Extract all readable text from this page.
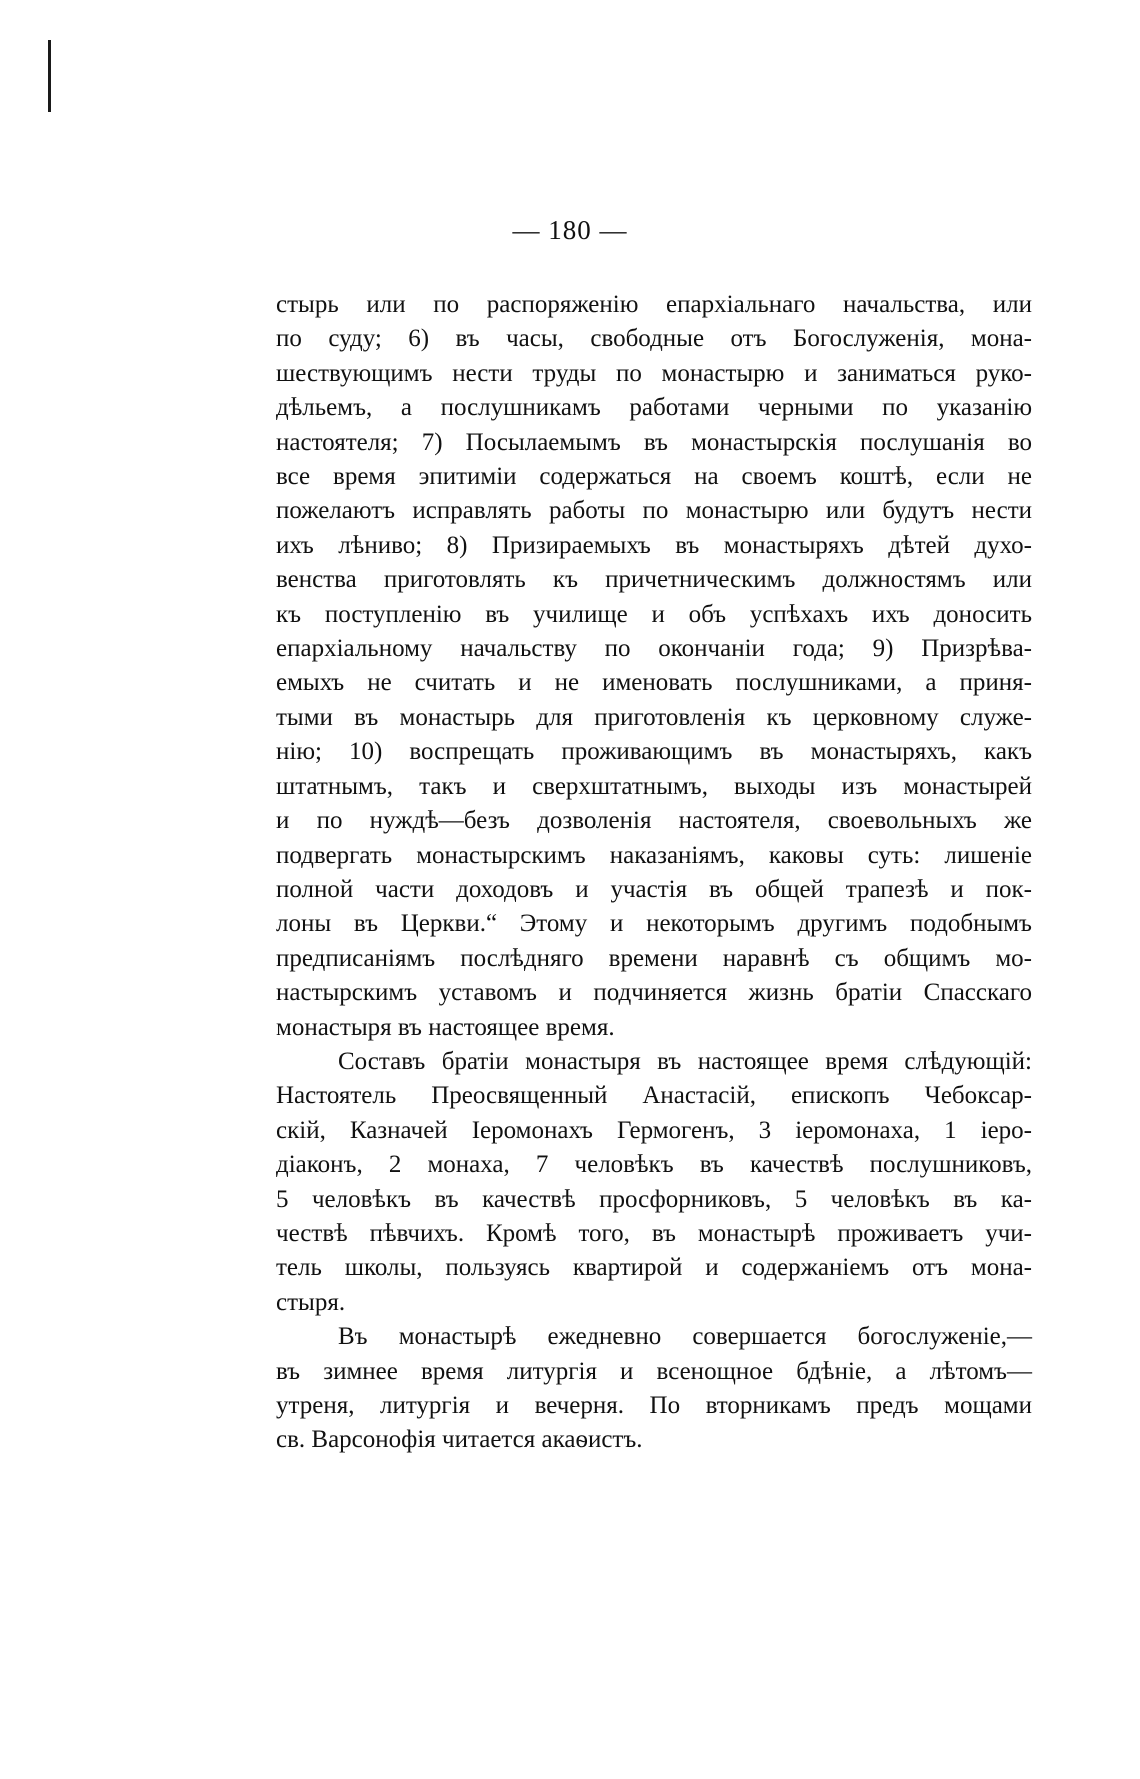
— 180 —
стырь или по распоряженію епархіальнаго начальства, или
по суду; 6) въ часы, свободные отъ Богослуженія, мона-
шествующимъ нести труды по монастырю и заниматься руко-
дѣльемъ, а послушникамъ работами черными по указанію
настоятеля; 7) Посылаемымъ въ монастырскія послушанія во
все время эпитиміи содержаться на своемъ коштѣ, если не
пожелаютъ исправлять работы по монастырю или будутъ нести
ихъ лѣниво; 8) Призираемыхъ въ монастыряхъ дѣтей духо-
венства приготовлять къ причетническимъ должностямъ или
къ поступленію въ училище и объ успѣхахъ ихъ доносить
епархіальному начальству по окончаніи года; 9) Призрѣва-
емыхъ не считать и не именовать послушниками, а приня-
тыми въ монастырь для приготовленія къ церковному служе-
нію; 10) воспрещать проживающимъ въ монастыряхъ, какъ
штатнымъ, такъ и сверхштатнымъ, выходы изъ монастырей
и по нуждѣ—безъ дозволенія настоятеля, своевольныхъ же
подвергать монастырскимъ наказаніямъ, каковы суть: лишеніе
полной части доходовъ и участія въ общей трапезѣ и пок-
лоны въ Церкви.“ Этому и некоторымъ другимъ подобнымъ
предписаніямъ послѣдняго времени наравнѣ съ общимъ мо-
настырскимъ уставомъ и подчиняется жизнь братіи Спасскаго
монастыря въ настоящее время.
Составъ братіи монастыря въ настоящее время слѣдующій:
Настоятель Преосвященный Анастасій, епископъ Чебоксар-
скій, Казначей Іеромонахъ Гермогенъ, 3 іеромонаха, 1 іеро-
діаконъ, 2 монаха, 7 человѣкъ въ качествѣ послушниковъ,
5 человѣкъ въ качествѣ просфорниковъ, 5 человѣкъ въ ка-
чествѣ пѣвчихъ. Кромѣ того, въ монастырѣ проживаетъ учи-
тель школы, пользуясь квартирой и содержаніемъ отъ мона-
стыря.
Въ монастырѣ ежедневно совершается богослуженіе,—
въ зимнее время литургія и всенощное бдѣніе, а лѣтомъ—
утреня, литургія и вечерня. По вторникамъ предъ мощами
св. Варсонофія читается акаѳистъ.
